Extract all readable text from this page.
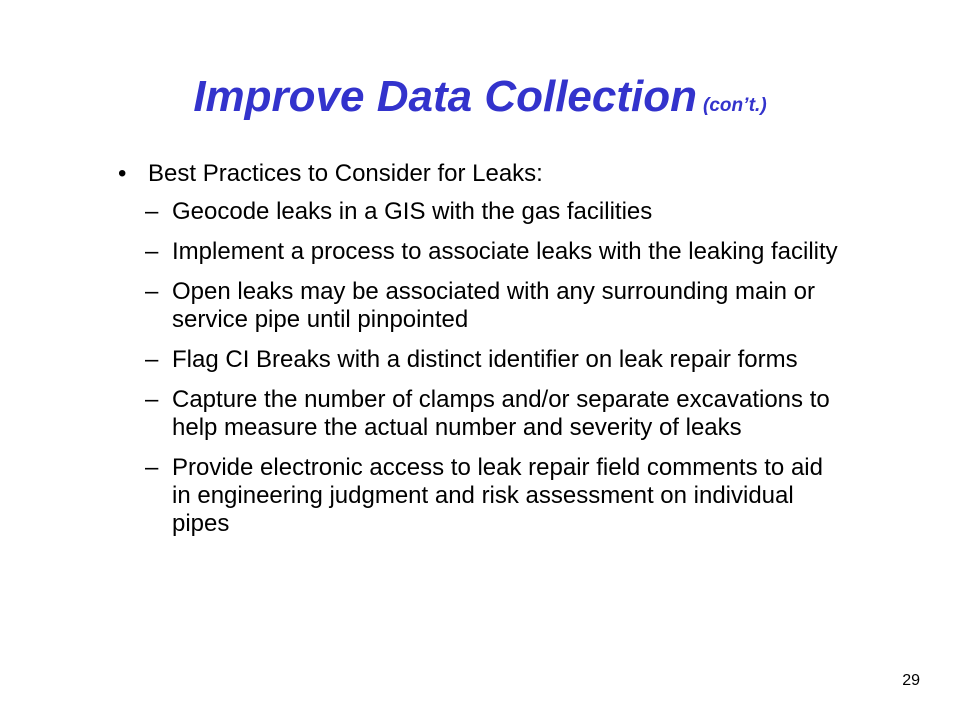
Improve Data Collection (con’t.)
• Best Practices to Consider for Leaks:
– Geocode leaks in a GIS with the gas facilities
– Implement a process to associate leaks with the leaking facility
– Open leaks may be associated with any surrounding main or service pipe until pinpointed
– Flag CI Breaks with a distinct identifier on leak repair forms
– Capture the number of clamps and/or separate excavations to help measure the actual number and severity of leaks
– Provide electronic access to leak repair field comments to aid in engineering judgment and risk assessment on individual pipes
29
